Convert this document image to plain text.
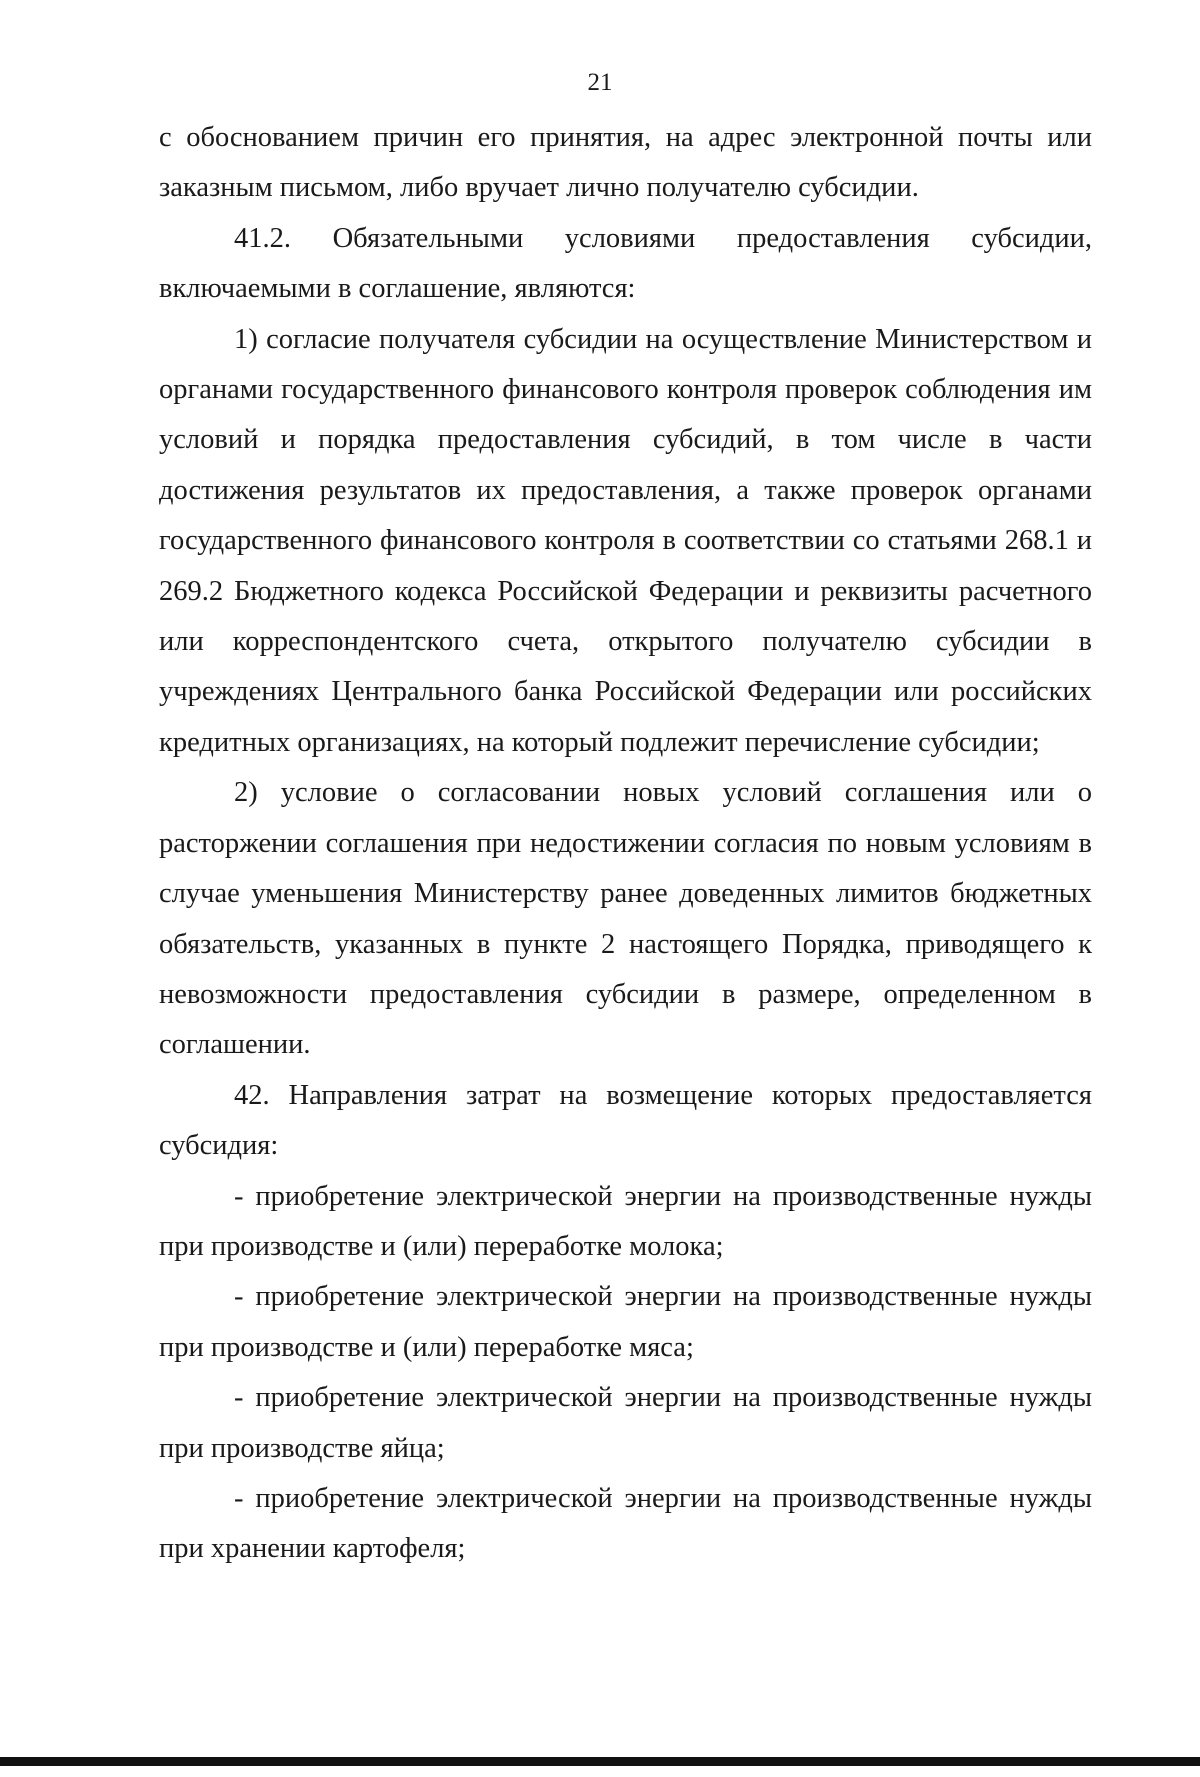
21

с обоснованием причин его принятия, на адрес электронной почты или заказным письмом, либо вручает лично получателю субсидии.

41.2. Обязательными условиями предоставления субсидии, включаемыми в соглашение, являются:

1) согласие получателя субсидии на осуществление Министерством и органами государственного финансового контроля проверок соблюдения им условий и порядка предоставления субсидий, в том числе в части достижения результатов их предоставления, а также проверок органами государственного финансового контроля в соответствии со статьями 268.1 и 269.2 Бюджетного кодекса Российской Федерации и реквизиты расчетного или корреспондентского счета, открытого получателю субсидии в учреждениях Центрального банка Российской Федерации или российских кредитных организациях, на который подлежит перечисление субсидии;

2) условие о согласовании новых условий соглашения или о расторжении соглашения при недостижении согласия по новым условиям в случае уменьшения Министерству ранее доведенных лимитов бюджетных обязательств, указанных в пункте 2 настоящего Порядка, приводящего к невозможности предоставления субсидии в размере, определенном в соглашении.

42. Направления затрат на возмещение которых предоставляется субсидия:

- приобретение электрической энергии на производственные нужды при производстве и (или) переработке молока;

- приобретение электрической энергии на производственные нужды при производстве и (или) переработке мяса;

- приобретение электрической энергии на производственные нужды при производстве яйца;

- приобретение электрической энергии на производственные нужды при хранении картофеля;
